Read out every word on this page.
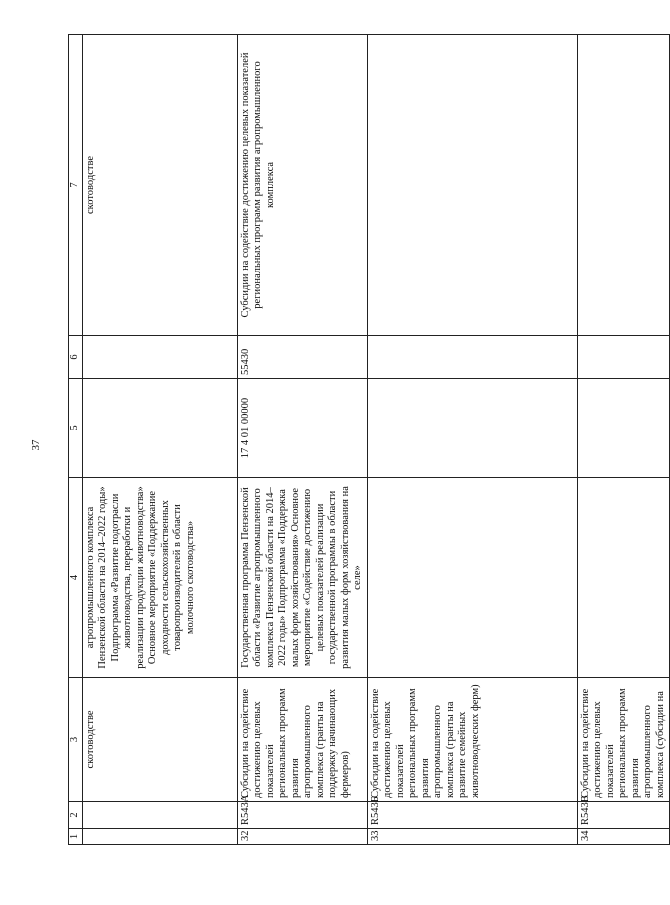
37
1	2	3	4	5	6	7

		скотоводстве	агропромышленного комплекса Пензенской области на 2014–2022 годы» Подпрограмма «Развитие подотрасли животноводства, переработки и реализации продукции животноводства» Основное мероприятие «Поддержание доходности сельскохозяйственных товаропроизводителей в области молочного скотоводства»			скотоводстве

32	R543А	Субсидии на содействие достижению целевых показателей региональных программ развития агропромышленного комплекса (гранты на поддержку начинающих фермеров)	Государственная программа Пензенской области «Развитие агропромышленного комплекса Пензенской области на 2014–2022 годы» Подпрограмма «Поддержка малых форм хозяйствования» Основное мероприятие «Содействие достижению целевых показателей реализации государственной программы в области развития малых форм хозяйствования на селе»	17 4 01 00000	55430	Субсидии на содействие достижению целевых показателей региональных программ развития агропромышленного комплекса
33	R543Б	Субсидии на содействие достижению целевых показателей региональных программ развития агропромышленного комплекса (гранты на развитие семейных животноводческих ферм)				
34	R543В	Субсидии на содействие достижению целевых показателей региональных программ развития агропромышленного комплекса (субсидии на				
